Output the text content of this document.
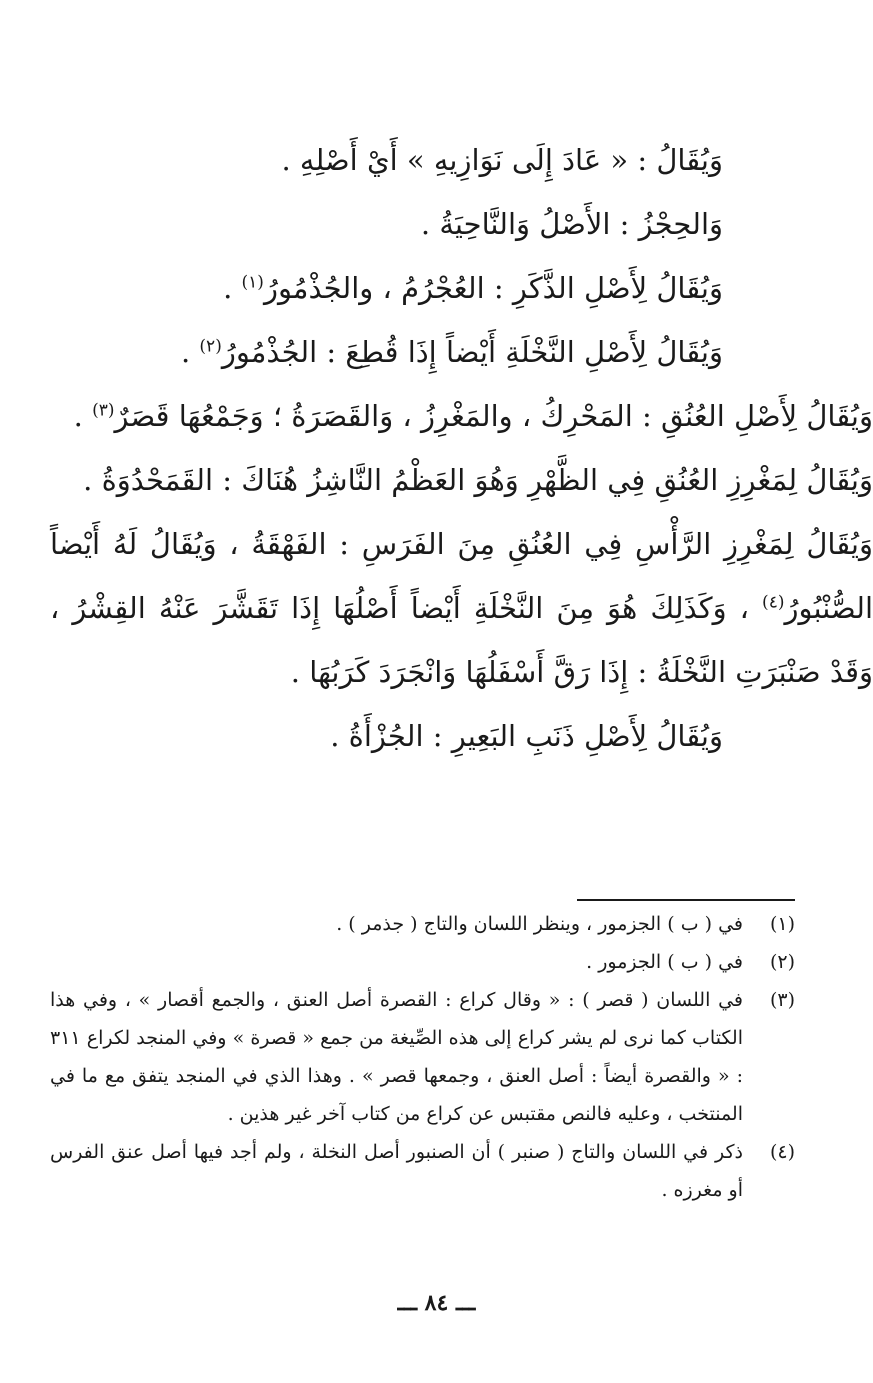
وَيُقَالُ : « عَادَ إِلَى نَوَازِيهِ » أَيْ أَصْلِهِ .

وَالحِجْزُ : الأَصْلُ وَالنَّاحِيَةُ .

وَيُقَالُ لِأَصْلِ الذَّكَرِ : العُجْرُمُ ، والجُذْمُورُ$^{(١)}$ .

وَيُقَالُ لِأَصْلِ النَّخْلَةِ أَيْضاً إِذَا قُطِعَ : الجُذْمُورُ$^{(٢)}$ .

وَيُقَالُ لِأَصْلِ العُنُقِ : المَحْرِكُ ، والمَغْرِزُ ، وَالقَصَرَةُ ؛ وَجَمْعُهَا قَصَرٌ$^{(٣)}$ .

وَيُقَالُ لِمَغْرِزِ العُنُقِ فِي الظَّهْرِ وَهُوَ العَظْمُ النَّاشِزُ هُنَاكَ : القَمَحْدُوَةُ .

وَيُقَالُ لِمَغْرِزِ الرَّأْسِ فِي العُنُقِ مِنَ الفَرَسِ : الفَهْقَةُ ، وَيُقَالُ لَهُ أَيْضاً الصُّنْبُورُ$^{(٤)}$ ، وَكَذَلِكَ هُوَ مِنَ النَّخْلَةِ أَيْضاً أَصْلُهَا إِذَا تَقَشَّرَ عَنْهُ القِشْرُ ، وَقَدْ صَنْبَرَتِ النَّخْلَةُ : إِذَا رَقَّ أَسْفَلُهَا وَانْجَرَدَ كَرَبُهَا .

وَيُقَالُ لِأَصْلِ ذَنَبِ البَعِيرِ : الجُزْأَةُ .

(١)
في ( ب ) الجزمور ، وينظر اللسان والتاج ( جذمر ) .
(٢)
في ( ب ) الجزمور .
(٣)
في اللسان ( قصر ) : « وقال كراع : القصرة أصل العنق ، والجمع أقصار » ، وفي هذا الكتاب كما نرى لم يشر كراع إلى هذه الصِّيغة من جمع « قصرة » وفي المنجد لكراع ٣١١ : « والقصرة أيضاً : أصل العنق ، وجمعها قصر » . وهذا الذي في المنجد يتفق مع ما في المنتخب ، وعليه فالنص مقتبس عن كراع من كتاب آخر غير هذين .
(٤)
ذكر في اللسان والتاج ( صنبر ) أن الصنبور أصل النخلة ، ولم أجد فيها أصل عنق الفرس أو مغرزه .
ـــ ٨٤ ـــ
